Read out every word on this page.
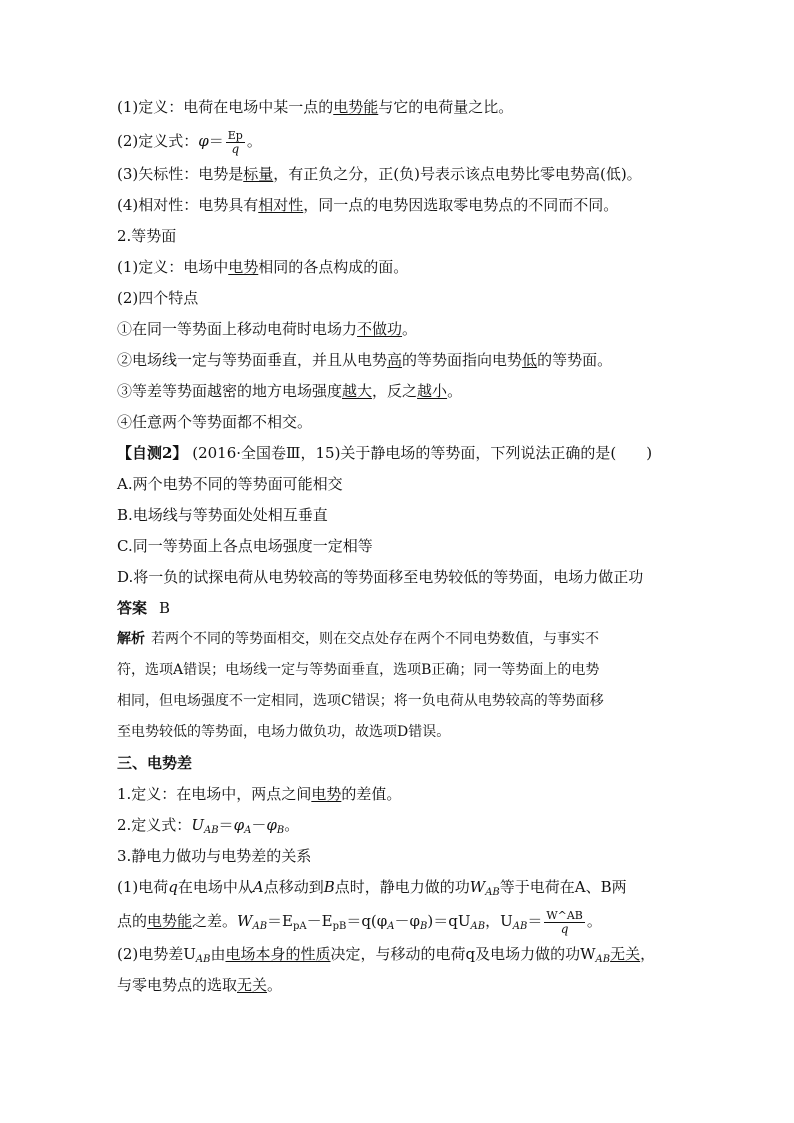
(1)定义：电荷在电场中某一点的电势能与它的电荷量之比。
(2)定义式：$\varphi= \frac{Ep}{q}$ 。
(3)矢标性：电势是标量，有正负之分，正(负)号表示该点电势比零电势高(低)。
(4)相对性：电势具有相对性，同一点的电势因选取零电势点的不同而不同。
2.等势面
(1)定义：电场中电势相同的各点构成的面。
(2)四个特点
①在同一等势面上移动电荷时电场力不做功。
②电场线一定与等势面垂直，并且从电势高的等势面指向电势低的等势面。
③等差等势面越密的地方电场强度越大，反之越小。
④任意两个等势面都不相交。
【自测2】 (2016·全国卷Ⅲ，15)关于静电场的等势面，下列说法正确的是(　　)
A.两个电势不同的等势面可能相交
B.电场线与等势面处处相互垂直
C.同一等势面上各点电场强度一定相等
D.将一负的试探电荷从电势较高的等势面移至电势较低的等势面，电场力做正功
答案 B
解析 若两个不同的等势面相交，则在交点处存在两个不同电势数值，与事实不
符，选项A错误；电场线一定与等势面垂直，选项B正确；同一等势面上的电势
相同，但电场强度不一定相同，选项C错误；将一负电荷从电势较高的等势面移
至电势较低的等势面，电场力做负功，故选项D错误。
三、电势差
1.定义：在电场中，两点之间电势的差值。
2.定义式：$U_{AB}=\varphi_A-\varphi_B$。
3.静电力做功与电势差的关系
(1)电荷q在电场中从A点移动到B点时，静电力做的功$W_{AB}$等于电荷在A、B两
点的电势能之差。$W_{AB}=E_{pA}-E_{pB}=q(\varphi_A-\varphi_B)=qU_{AB}$，$U_{AB}= \frac{W\^{}AB}{q}$ 。
(2)电势差$U_{AB}$由电场本身的性质决定，与移动的电荷q及电场力做的功$W_{AB}$无关，
与零电势点的选取无关。
